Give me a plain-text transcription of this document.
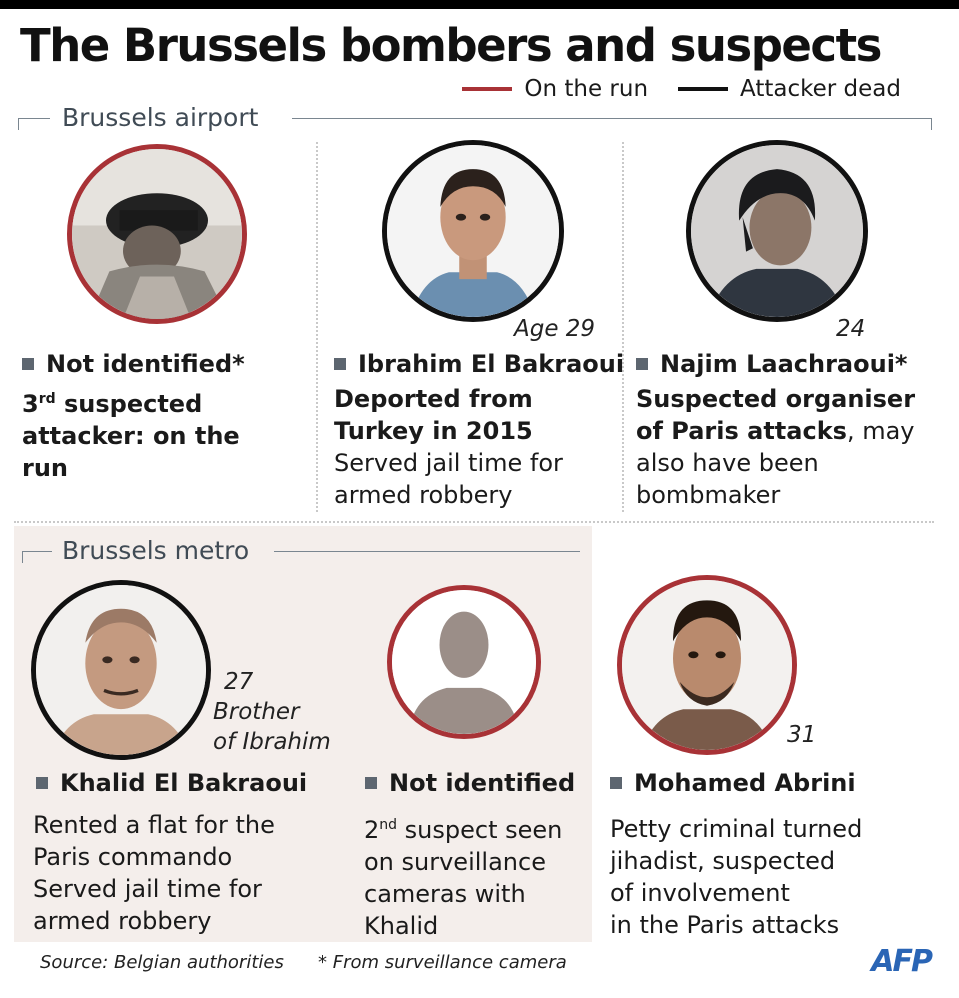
The Brussels bombers and suspects
On the run	Attacker dead
Brussels airport
Not identified*
3rd suspected
attacker: on the
run
Age 29
Ibrahim El Bakraoui
Deported from
Turkey in 2015
Served jail time for
armed robbery
24
Najim Laachraoui*
Suspected organiser
of Paris attacks, may
also have been
bombmaker
Brussels metro
27
Brother
of Ibrahim
Khalid El Bakraoui
Rented a flat for the
Paris commando
Served jail time for
armed robbery
Not identified
2nd suspect seen
on surveillance
cameras with
Khalid
31
Mohamed Abrini
Petty criminal turned
jihadist, suspected
of involvement
in the Paris attacks
Source: Belgian authorities * From surveillance camera	AFP
